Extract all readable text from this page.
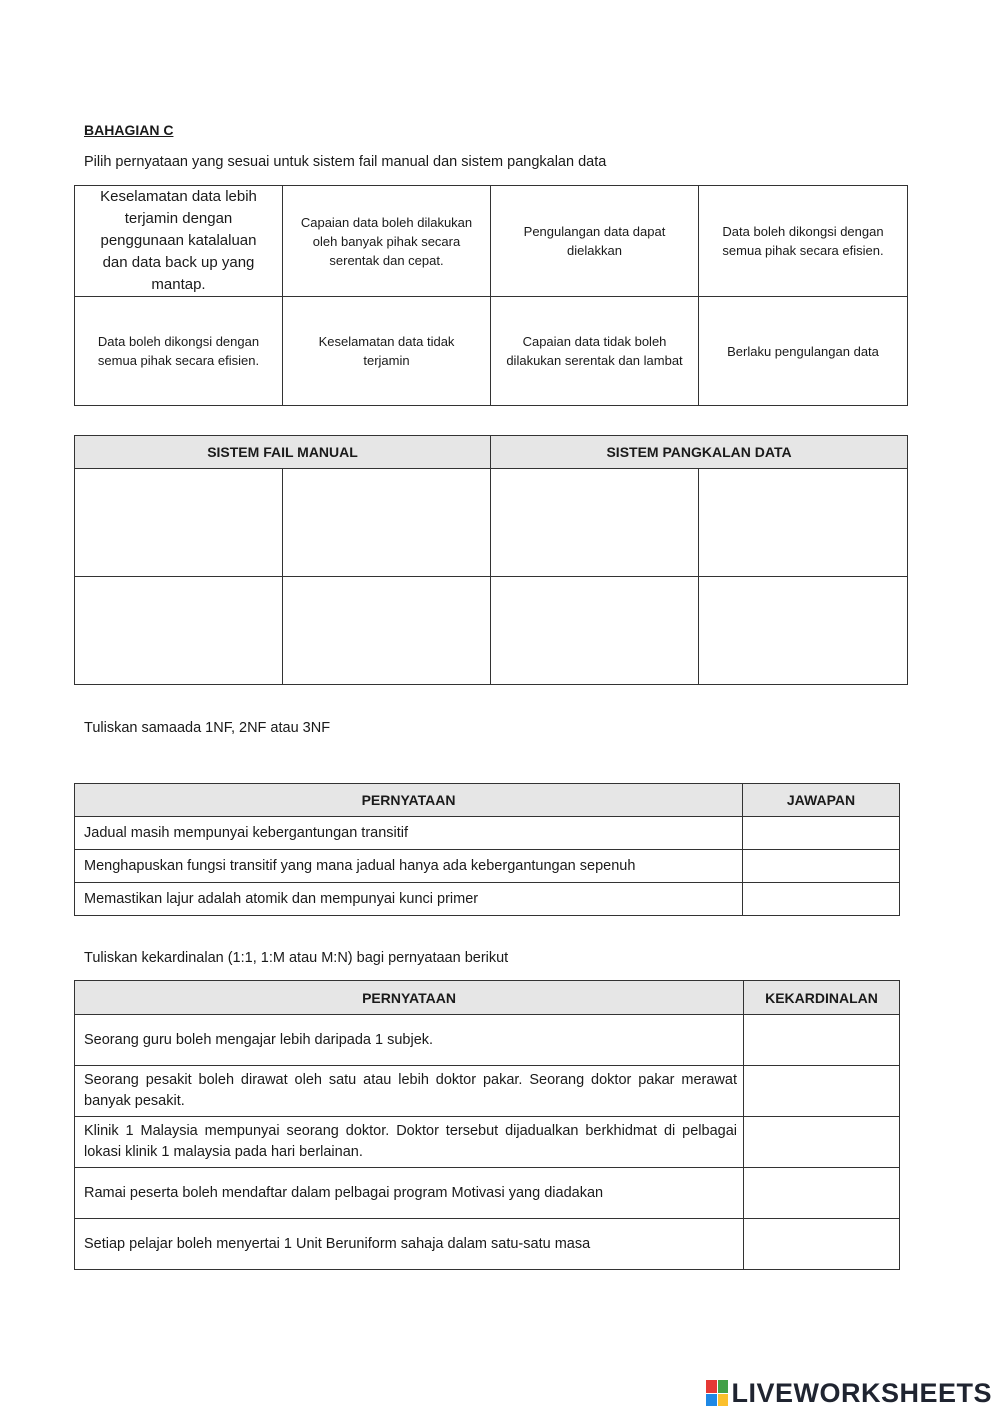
BAHAGIAN C
Pilih pernyataan yang sesuai untuk sistem fail manual dan sistem pangkalan data
Keselamatan data lebih terjamin dengan penggunaan katalaluan dan data back up yang mantap.	Capaian data boleh dilakukan oleh banyak pihak secara serentak dan cepat.	Pengulangan data dapat dielakkan	Data boleh dikongsi dengan semua pihak secara efisien.
Data boleh dikongsi dengan semua pihak secara efisien.	Keselamatan data tidak terjamin	Capaian data tidak boleh dilakukan serentak dan lambat	Berlaku pengulangan data
SISTEM FAIL MANUAL		SISTEM PANGKALAN DATA	

Tuliskan samaada 1NF, 2NF atau 3NF
PERNYATAAN	JAWAPAN
Jadual masih mempunyai kebergantungan transitif	
Menghapuskan fungsi transitif yang mana jadual hanya ada kebergantungan sepenuh	
Memastikan lajur adalah atomik dan mempunyai kunci primer	
Tuliskan kekardinalan (1:1, 1:M atau M:N) bagi pernyataan berikut
PERNYATAAN	KEKARDINALAN
Seorang guru boleh mengajar lebih daripada 1 subjek.	
Seorang pesakit boleh dirawat oleh satu atau lebih doktor pakar. Seorang doktor pakar merawat banyak pesakit.	
Klinik 1 Malaysia mempunyai seorang doktor. Doktor tersebut dijadualkan berkhidmat di pelbagai lokasi klinik 1 malaysia pada hari berlainan.	
Ramai peserta boleh mendaftar dalam pelbagai program Motivasi yang diadakan	
Setiap pelajar boleh menyertai 1 Unit Beruniform sahaja dalam satu-satu masa	
LIVEWORKSHEETS
